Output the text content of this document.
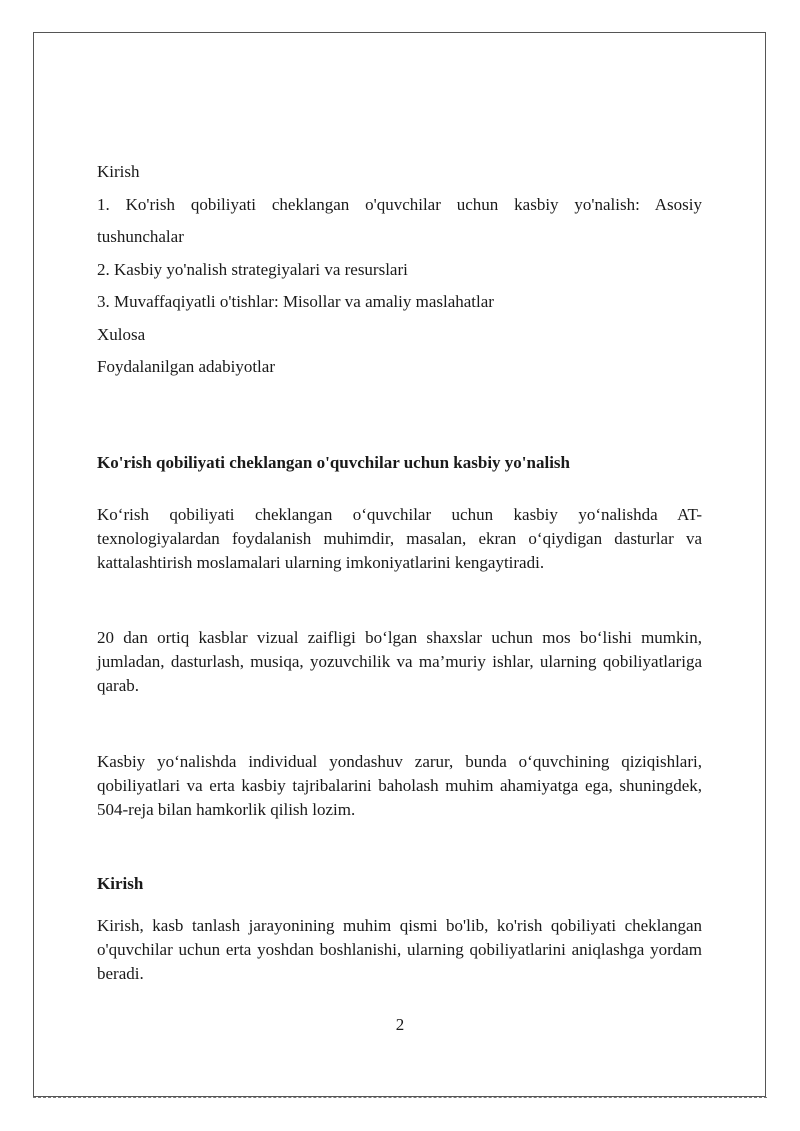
Kirish

1. Ko'rish qobiliyati cheklangan o'quvchilar uchun kasbiy yo'nalish: Asosiy

tushunchalar

2. Kasbiy yo'nalish strategiyalari va resurslari

3. Muvaffaqiyatli o'tishlar: Misollar va amaliy maslahatlar

Xulosa

Foydalanilgan adabiyotlar

Ko'rish qobiliyati cheklangan o'quvchilar uchun kasbiy yo'nalish

Ko‘rish qobiliyati cheklangan o‘quvchilar uchun kasbiy yo‘nalishda AT-texnologiyalardan foydalanish muhimdir, masalan, ekran o‘qiydigan dasturlar va kattalashtirish moslamalari ularning imkoniyatlarini kengaytiradi.

20 dan ortiq kasblar vizual zaifligi bo‘lgan shaxslar uchun mos bo‘lishi mumkin, jumladan, dasturlash, musiqa, yozuvchilik va ma’muriy ishlar, ularning qobiliyatlariga qarab.

Kasbiy yo‘nalishda individual yondashuv zarur, bunda o‘quvchining qiziqishlari, qobiliyatlari va erta kasbiy tajribalarini baholash muhim ahamiyatga ega, shuningdek, 504-reja bilan hamkorlik qilish lozim.

Kirish

Kirish, kasb tanlash jarayonining muhim qismi bo'lib, ko'rish qobiliyati cheklangan o'quvchilar uchun erta yoshdan boshlanishi, ularning qobiliyatlarini aniqlashga yordam beradi.

2
